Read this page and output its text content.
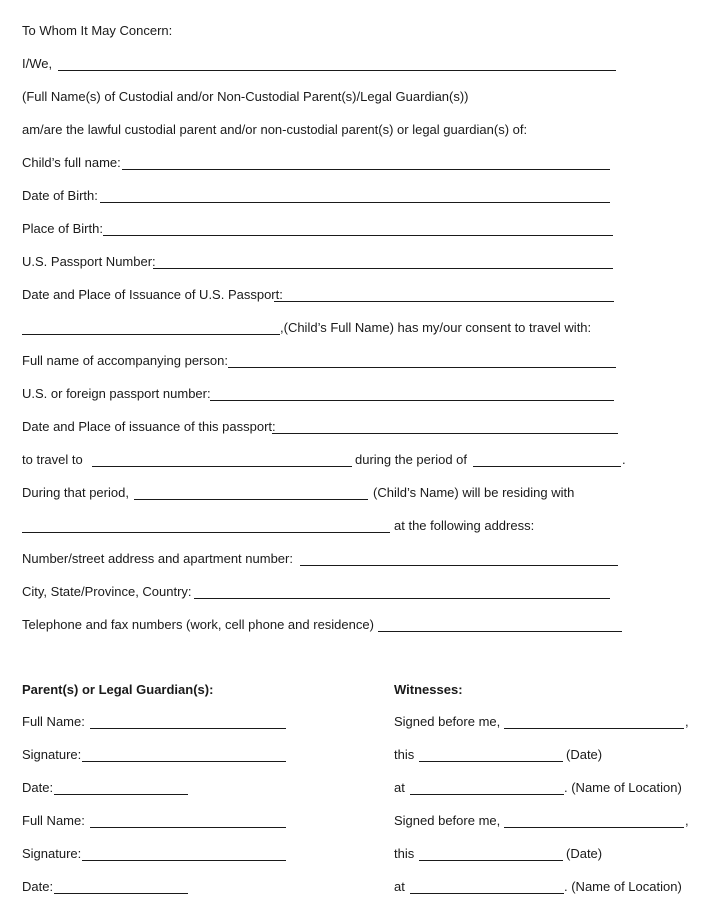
To Whom It May Concern:
I/We,
(Full Name(s) of Custodial and/or Non-Custodial Parent(s)/Legal Guardian(s))
am/are the lawful custodial parent and/or non-custodial parent(s) or legal guardian(s) of:
Child’s full name:
Date of Birth:
Place of Birth:
U.S. Passport Number:
Date and Place of Issuance of U.S. Passport:
,(Child’s Full Name) has my/our consent to travel with:
Full name of accompanying person:
U.S. or foreign passport number:
Date and Place of issuance of this passport:
to travel to	during the period of	.
During that period,	(Child’s Name) will be residing with
at the following address:
Number/street address and apartment number:
City, State/Province, Country:
Telephone and fax numbers (work, cell phone and residence)
Parent(s) or Legal Guardian(s):
Full Name:
Signature:
Date:
Full Name:
Signature:
Date:
Witnesses:
Signed before me,	,
this	(Date)
at	. (Name of Location)
Signed before me,	,
this	(Date)
at	. (Name of Location)
